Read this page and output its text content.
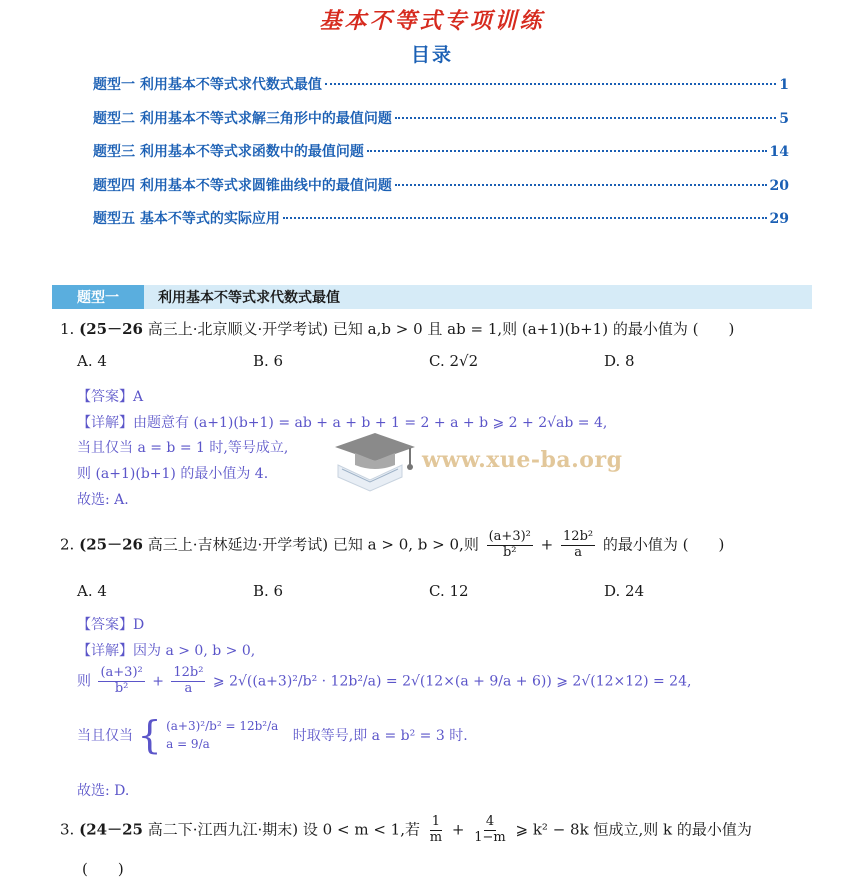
基本不等式专项训练
目录
题型一 利用基本不等式求代数式最值	1
题型二 利用基本不等式求解三角形中的最值问题	5
题型三 利用基本不等式求函数中的最值问题	14
题型四 利用基本不等式求圆锥曲线中的最值问题	20
题型五 基本不等式的实际应用	29
题型一	利用基本不等式求代数式最值
1. (25－26 高三上·北京顺义·开学考试) 已知 a,b > 0 且 ab = 1,则 (a+1)(b+1) 的最小值为 (　　)
A. 4	B. 6	C. 2√2	D. 8
【答案】A
【详解】由题意有 (a+1)(b+1) = ab + a + b + 1 = 2 + a + b ⩾ 2 + 2√ab = 4,
当且仅当 a = b = 1 时,等号成立,
则 (a+1)(b+1) 的最小值为 4.
故选: A.
www.xue-ba.org
2. (25－26 高三上·吉林延边·开学考试) 已知 a > 0, b > 0,则 $\frac{\text{(a+3)²}}{\text{b²}} + \frac{\text{12b²}}{a}$ 的最小值为 (　　)
A. 4	B. 6	C. 12	D. 24
【答案】D
【详解】因为 a > 0, b > 0,
则 $\frac{\text{(a+3)²}}{\text{b²}} + \frac{\text{12b²}}{a}$ ⩾ 2√((a+3)²/b² · 12b²/a) = 2√(12×(a + 9/a + 6)) ⩾ 2√(12×12) = 24,
当且仅当 { (a+3)²/b² = 12b²/a
a = 9/a	时取等号,即 a = b² = 3 时.
故选: D.
3. (24－25 高二下·江西九江·期末) 设 0 < m < 1,若 $\frac{1}{m} + \frac{4}{1-m}$ ⩾ k² − 8k 恒成立,则 k 的最小值为
(　　)
